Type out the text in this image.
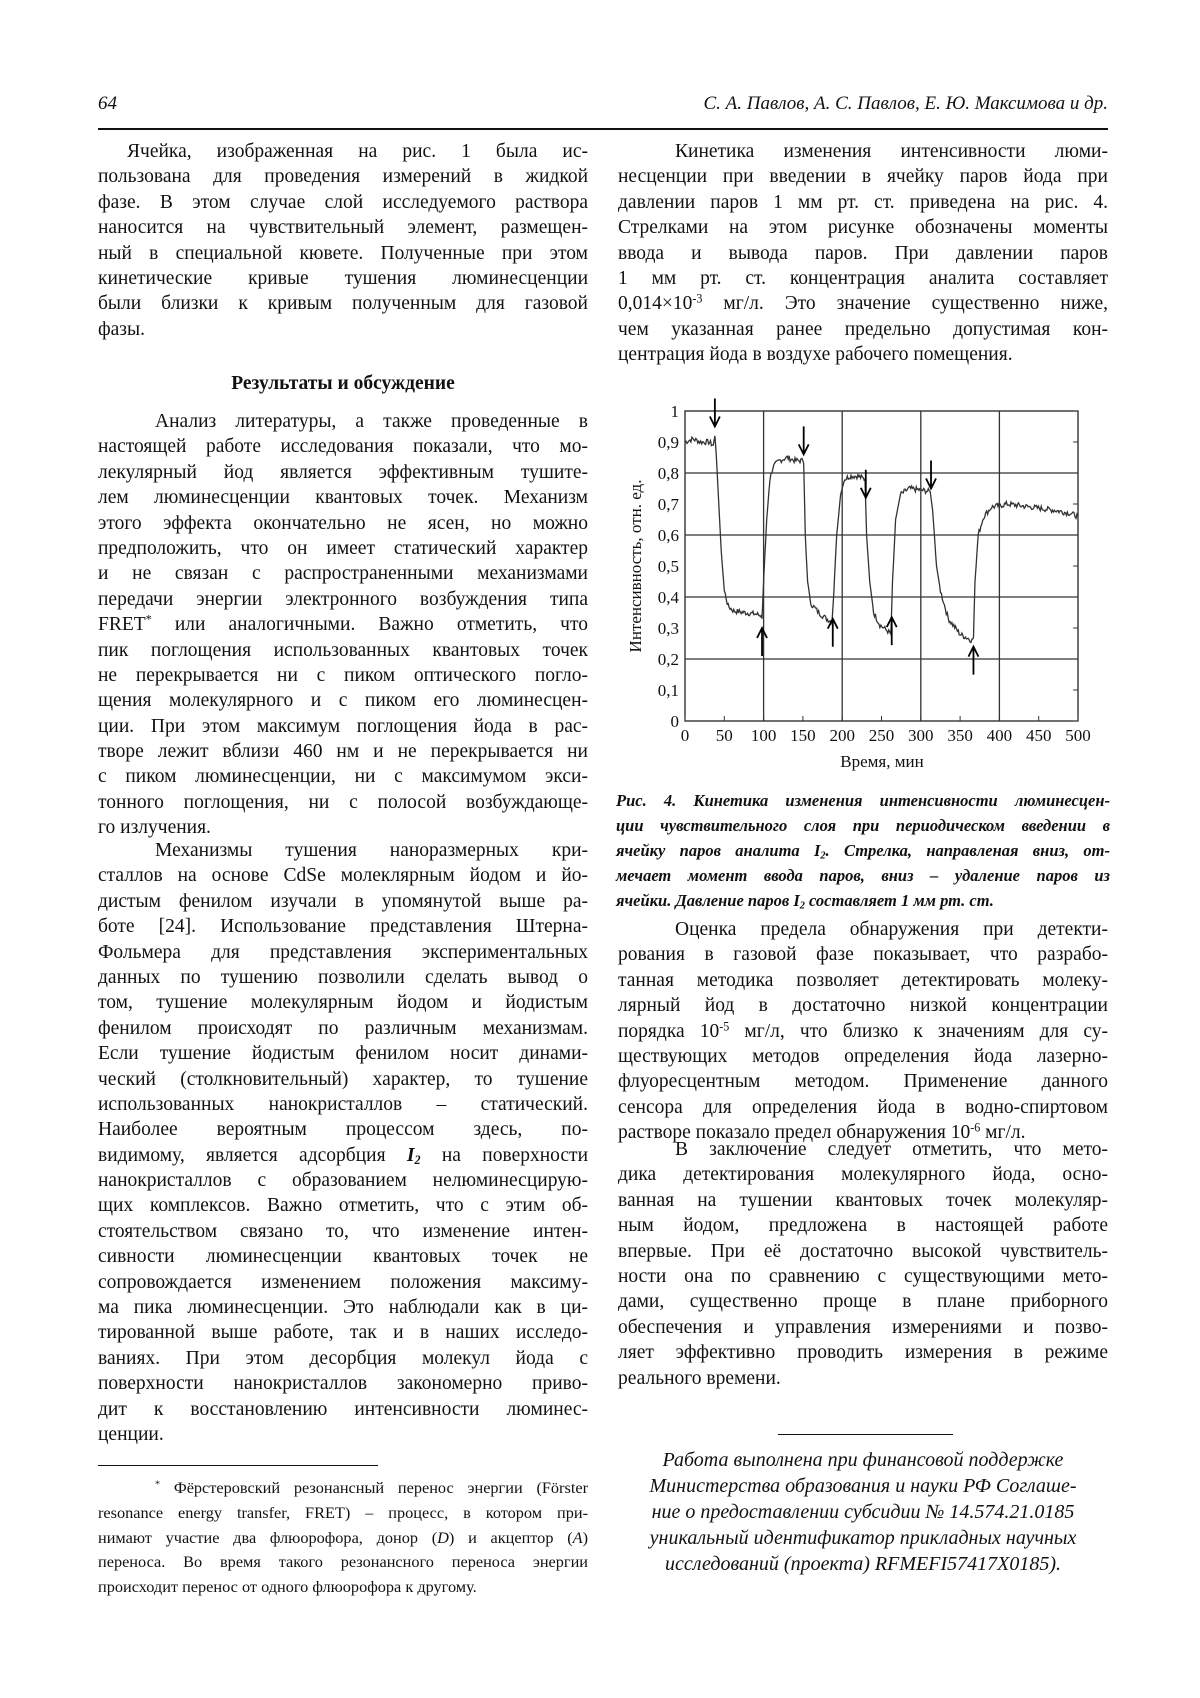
64	С. А. Павлов, А. С. Павлов, Е. Ю. Максимова и др.
Ячейка, изображенная на рис. 1 была ис-
пользована для проведения измерений в жидкой
фазе. В этом случае слой исследуемого раствора
наносится на чувствительный элемент, размещен-
ный в специальной кювете. Полученные при этом
кинетические кривые тушения люминесценции
были близки к кривым полученным для газовой
фазы.
Результаты и обсуждение
Анализ литературы, а также проведенные в
настоящей работе исследования показали, что мо-
лекулярный йод является эффективным тушите-
лем люминесценции квантовых точек. Механизм
этого эффекта окончательно не ясен, но можно
предположить, что он имеет статический характер
и не связан с распространенными механизмами
передачи энергии электронного возбуждения типа
FRET* или аналогичными. Важно отметить, что
пик поглощения использованных квантовых точек
не перекрывается ни с пиком оптического погло-
щения молекулярного и с пиком его люминесцен-
ции. При этом максимум поглощения йода в рас-
творе лежит вблизи 460 нм и не перекрывается ни
с пиком люминесценции, ни с максимумом экси-
тонного поглощения, ни с полосой возбуждающе-
го излучения.
Механизмы тушения наноразмерных кри-
сталлов на основе CdSe молеклярным йодом и йо-
дистым фенилом изучали в упомянутой выше ра-
боте [24]. Использование представления Штерна-
Фольмера для представления экспериментальных
данных по тушению позволили сделать вывод о
том, тушение молекулярным йодом и йодистым
фенилом происходят по различным механизмам.
Если тушение йодистым фенилом носит динами-
ческий (столкновительный) характер, то тушение
использованных нанокристаллов – статический.
Наиболее вероятным процессом здесь, по-
видимому, является адсорбция $I_2$ на поверхности
нанокристаллов с образованием нелюминесцирую-
щих комплексов. Важно отметить, что с этим об-
стоятельством связано то, что изменение интен-
сивности люминесценции квантовых точек не
сопровождается изменением положения максиму-
ма пика люминесценции. Это наблюдали как в ци-
тированной выше работе, так и в наших исследо-
ваниях. При этом десорбция молекул йода с
поверхности нанокристаллов закономерно приво-
дит к восстановлению интенсивности люминес-
ценции.
* Фёрстеровский резонансный перенос энергии (Förster
resonance energy transfer, FRET) – процесс, в котором при-
нимают участие два флюорофора, донор (D) и акцептор (A)
переноса. Во время такого резонансного переноса энергии
происходит перенос от одного флюорофора к другому.
Кинетика изменения интенсивности люми-
несценции при введении в ячейку паров йода при
давлении паров 1 мм рт. ст. приведена на рис. 4.
Стрелками на этом рисунке обозначены моменты
ввода и вывода паров. При давлении паров
1 мм рт. ст. концентрация аналита составляет
$0,014\times 10^{-3}$ мг/л. Это значение существенно ниже,
чем указанная ранее предельно допустимая кон-
центрация йода в воздухе рабочего помещения.
0
0,1
0,2
0,3
0,4
0,5
0,6
0,7
0,8
0,9
1
0 50 100 150 200 250 300 350 400 450 500
Интенсивность, отн. ед.
Время, мин
Рис. 4. Кинетика изменения интенсивности люминесцен-
ции чувствительного слоя при периодическом введении в
ячейку паров аналита $I_2$. Стрелка, направленая вниз, от-
мечает момент ввода паров, вниз – удаление паров из
ячейки. Давление паров $I_2$ составляет 1 мм рт. ст.
Оценка предела обнаружения при детекти-
рования в газовой фазе показывает, что разрабо-
танная методика позволяет детектировать молеку-
лярный йод в достаточно низкой концентрации
порядка $10^{-5}$ мг/л, что близко к значениям для су-
ществующих методов определения йода лазерно-
флуоресцентным методом. Применение данного
сенсора для определения йода в водно-спиртовом
растворе показало предел обнаружения $10^{-6}$ мг/л.
В заключение следует отметить, что мето-
дика детектирования молекулярного йода, осно-
ванная на тушении квантовых точек молекуляр-
ным йодом, предложена в настоящей работе
впервые. При её достаточно высокой чувствитель-
ности она по сравнению с существующими мето-
дами, существенно проще в плане приборного
обеспечения и управления измерениями и позво-
ляет эффективно проводить измерения в режиме
реального времени.
Работа выполнена при финансовой поддержке
Министерства образования и науки РФ Соглаше-
ние о предоставлении субсидии № 14.574.21.0185
уникальный идентификатор прикладных научных
исследований (проекта) RFMEFI57417X0185).
